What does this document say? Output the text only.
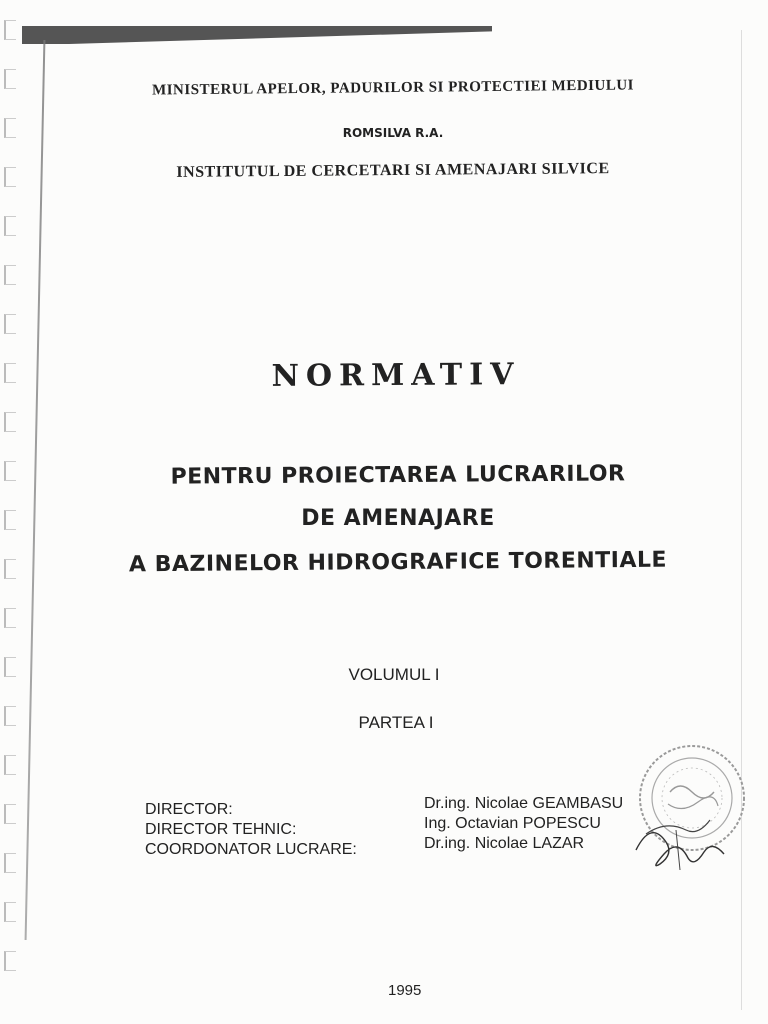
MINISTERUL APELOR, PADURILOR SI PROTECTIEI MEDIULUI
ROMSILVA R.A.
INSTITUTUL DE CERCETARI SI AMENAJARI SILVICE
NORMATIV
PENTRU PROIECTAREA LUCRARILOR
DE AMENAJARE
A BAZINELOR HIDROGRAFICE TORENTIALE
VOLUMUL I
PARTEA I
DIRECTOR:
DIRECTOR TEHNIC:
COORDONATOR LUCRARE:
Dr.ing. Nicolae GEAMBASU
Ing. Octavian POPESCU
Dr.ing. Nicolae LAZAR
1995
